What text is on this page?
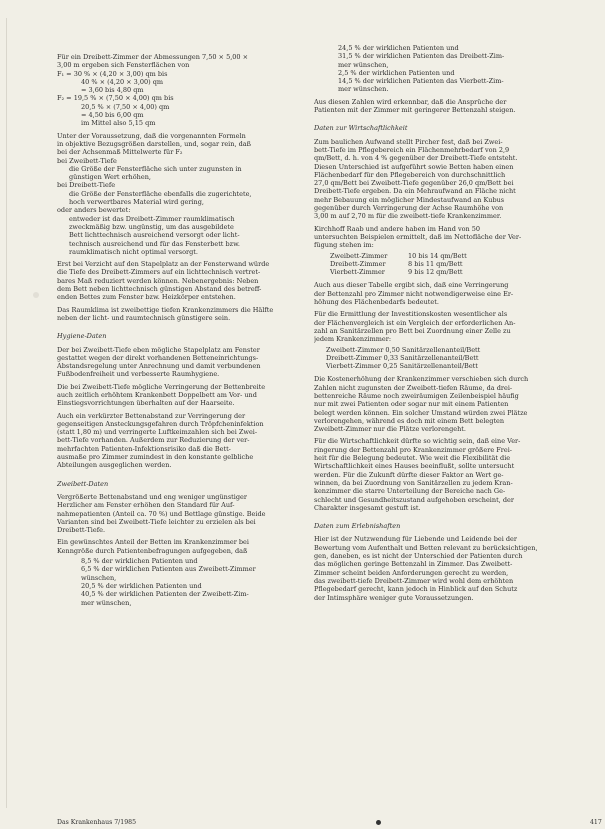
Für ein Dreibett-Zimmer der Abmessungen 7,50 × 5,00 ×
3,00 m ergeben sich Fensterflächen von
F₁ = 30 % × (4,20 × 3,00) qm bis
40 % × (4,20 × 3,00) qm
= 3,60 bis 4,80 qm
F₂ = 19,5 % × (7,50 × 4,00) qm bis
20,5 % × (7,50 × 4,00) qm
= 4,50 bis 6,00 qm
im Mittel also 5,15 qm
Unter der Voraussetzung, daß die vorgenannten Formeln
in objektive Bezugsgrößen darstellen, und, sogar rein, daß
bei der Achsenmaß Mittelwerte für F₂
bei Zweibett-Tiefe
die Größe der Fensterfläche sich unter zugunsten in
günstigen Wert erhöhen,
bei Dreibett-Tiefe
die Größe der Fensterfläche ebenfalls die zugerichtete,
hoch verwertbares Material wird gering,
oder anders bewertet:
entweder ist das Dreibett-Zimmer raumklimatisch
zweckmäßig bzw. ungünstig, um das ausgebildete
Bett lichttechnisch ausreichend versorgt oder licht-
technisch ausreichend und für das Fensterbett bzw.
raumklimatisch nicht optimal versorgt.

Erst bei Verzicht auf den Stapelplatz an der Fensterwand würde
die Tiefe des Dreibett-Zimmers auf ein lichttechnisch vertret-
bares Maß reduziert werden können. Nebenergebnis: Neben
dem Bett neben lichttechnisch günstigen Abstand des betreff-
enden Bettes zum Fenster bzw. Heizkörper entstehen.

Das Raumklima ist zweibettige tiefen Krankenzimmers die Hälfte
neben der licht- und raumtechnisch günstigere sein.

Hygiene-Daten

Der bei Zweibett-Tiefe eben mögliche Stapelplatz am Fenster
gestattet wegen der direkt vorhandenen Betteneinrichtungs-
Abstandsregelung unter Anrechnung und damit verbundenen
Fußbodenfreiheit und verbesserte Raumhygiene.

Die bei Zweibett-Tiefe mögliche Verringerung der Bettenbreite
auch zeitlich erhöhtem Krankenbett Doppelbett am Vor- und
Einstiegsvorrichtungen überhalten auf der Haarseite.

Auch ein verkürzter Bettenabstand zur Verringerung der
gegenseitigen Ansteckungsgefahren durch Tröpfcheninfektion
(statt 1,80 m) und verringerte Luftkeimzahlen sich bei Zwei-
bett-Tiefe vorhanden. Außerdem zur Reduzierung der ver-
mehrfachten Patienten-Infektionsrisiko daß die Bett-
ausmaße pro Zimmer zumindest in den konstante gelbliche
Abteilungen ausgeglichen werden.

Zweibett-Daten

Vergrößerte Bettenabstand und eng weniger ungünstiger
Herzlicher am Fenster erhöhen den Standard für Auf-
nahmepatienten (Anteil ca. 70 %) und Bettlage günstige. Beide
Varianten sind bei Zweibett-Tiefe leichter zu erzielen als bei
Dreibett-Tiefe.

Ein gewünschtes Anteil der Betten im Krankenzimmer bei
Kenngröße durch Patientenbefragungen aufgegeben, daß

8,5 % der wirklichen Patienten und
6,5 % der wirklichen Patienten aus Zweibett-Zimmer
wünschen,
20,5 % der wirklichen Patienten und
40,5 % der wirklichen Patienten der Zweibett-Zim-
mer wünschen,
24,5 % der wirklichen Patienten und
31,5 % der wirklichen Patienten das Dreibett-Zim-
mer wünschen,
2,5 % der wirklichen Patienten und
14,5 % der wirklichen Patienten das Vierbett-Zim-
mer wünschen.

Aus diesen Zahlen wird erkennbar, daß die Ansprüche der
Patienten mit der Zimmer mit geringerer Bettenzahl steigen.

Daten zur Wirtschaftlichkeit

Zum baulichen Aufwand stellt Pircher fest, daß bei Zwei-
bett-Tiefe im Pflegebereich ein Flächenmehrbedarf von 2,9
qm/Bett, d. h. von 4 % gegenüber der Dreibett-Tiefe entsteht.
Diesen Unterschied ist aufgeführt sowie Betten haben einen
Flächenbedarf für den Pflegebereich von durchschnittlich
27,0 qm/Bett bei Zweibett-Tiefe gegenüber 26,0 qm/Bett bei
Dreibett-Tiefe ergeben. Da ein Mehraufwand an Fläche nicht
mehr Bebauung ein möglicher Mindestaufwand an Kubus
gegenüber durch Verringerung der Achse Raumhöhe von
3,00 m auf 2,70 m für die zweibett-tiefe Krankenzimmer.

Kirchhoff Raab und andere haben im Hand von 50
untersuchten Beispielen ermittelt, daß im Nettofläche der Ver-
fügung stehen im:

Zweibett-Zimmer	10 bis 14 qm/Bett
Dreibett-Zimmer	8 bis 11 qm/Bett
Vierbett-Zimmer	9 bis 12 qm/Bett

Auch aus dieser Tabelle ergibt sich, daß eine Verringerung
der Bettenzahl pro Zimmer nicht notwendigerweise eine Er-
höhung des Flächenbedarfs bedeutet.

Für die Ermittlung der Investitionskosten wesentlicher als
der Flächenvergleich ist ein Vergleich der erforderlichen An-
zahl an Sanitärzellen pro Bett bei Zuordnung einer Zelle zu
jedem Krankenzimmer:

Zweibett-Zimmer 0,50 Sanitärzellenanteil/Bett
Dreibett-Zimmer 0,33 Sanitärzellenanteil/Bett
Vierbett-Zimmer 0,25 Sanitärzellenanteil/Bett

Die Kostenerhöhung der Krankenzimmer verschieben sich durch
Zahlen nicht zugunsten der Zweibett-tiefen Räume, da drei-
bettenreiche Räume noch zweiräumigen Zeilenbeispiel häufig
nur mit zwei Patienten oder sogar nur mit einem Patienten
belegt werden können. Ein solcher Umstand würden zwei Plätze
verlorengehen, während es doch mit einem Bett belegten
Zweibett-Zimmer nur die Plätze verlorengeht.

Für die Wirtschaftlichkeit dürfte so wichtig sein, daß eine Ver-
ringerung der Bettenzahl pro Krankenzimmer größere Frei-
heit für die Belegung bedeutet. Wie weit die Flexibilität die
Wirtschaftlichkeit eines Hauses beeinflußt, sollte untersucht
werden. Für die Zukunft dürfte dieser Faktor an Wert ge-
winnen, da bei Zuordnung von Sanitärzellen zu jedem Kran-
kenzimmer die starre Unterteilung der Bereiche nach Ge-
schlecht und Gesundheitszustand aufgehoben erscheint, der
Charakter insgesamt gestuft ist.

Daten zum Erlebnishaften

Hier ist der Nutzwendung für Liebende und Leidende bei der
Bewertung vom Aufenthalt und Betten relevant zu berücksichtigen,
gen, daneben, es ist nicht der Unterschied der Patienten durch
das möglichen geringe Bettenzahl in Zimmer. Das Zweibett-
Zimmer scheint beiden Anforderungen gerecht zu werden,
das zweibett-tiefe Dreibett-Zimmer wird wohl dem erhöhten
Pflegebedarf gerecht, kann jedoch in Hinblick auf den Schutz
der Intimsphäre weniger gute Voraussetzungen.

Das Krankenhaus 7/1985	417
